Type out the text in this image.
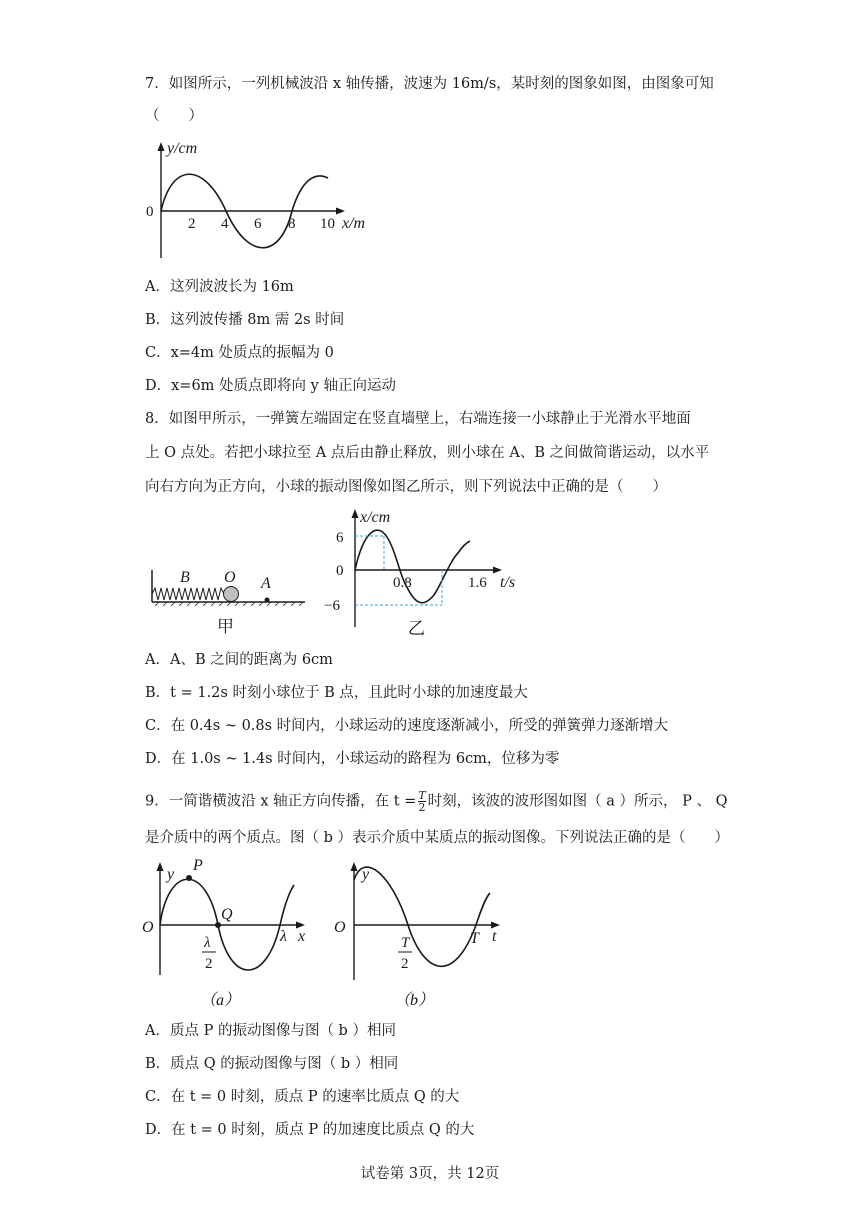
7．如图所示，一列机械波沿 x 轴传播，波速为 16m/s，某时刻的图象如图，由图象可知
（　　）
y/cm
0
2 4 6 8 10 x/m
A．这列波波长为 16m
B．这列波传播 8m 需 2s 时间
C．x=4m 处质点的振幅为 0
D．x=6m 处质点即将向 y 轴正向运动
8．如图甲所示，一弹簧左端固定在竖直墙壁上，右端连接一小球静止于光滑水平地面
上 O 点处。若把小球拉至 A 点后由静止释放，则小球在 A、B 之间做简谐运动，以水平
向右方向为正方向，小球的振动图像如图乙所示，则下列说法中正确的是（　　）
B O A
甲
x/cm
6
0
−6
0.8	1.6 t/s
乙
A．A、B 之间的距离为 6cm
B．t = 1.2s 时刻小球位于 B 点，且此时小球的加速度最大
C．在 0.4s ~ 0.8s 时间内，小球运动的速度逐渐减小，所受的弹簧弹力逐渐增大
D．在 1.0s ~ 1.4s 时间内，小球运动的路程为 6cm，位移为零
9．一简谐横波沿 x 轴正方向传播，在 $t = \frac{T}{2}$ 时刻，该波的波形图如图（ a ）所示， P 、 Q
是介质中的两个质点。图（ b ）表示介质中某质点的振动图像。下列说法正确的是（　　）
y
P
Q
O
λ
2
λ x
（a）
y
O
T
2
T t
（b）
A．质点 P 的振动图像与图（ b ）相同
B．质点 Q 的振动图像与图（ b ）相同
C．在 t = 0 时刻，质点 P 的速率比质点 Q 的大
D．在 t = 0 时刻，质点 P 的加速度比质点 Q 的大
试卷第 3页，共 12页
